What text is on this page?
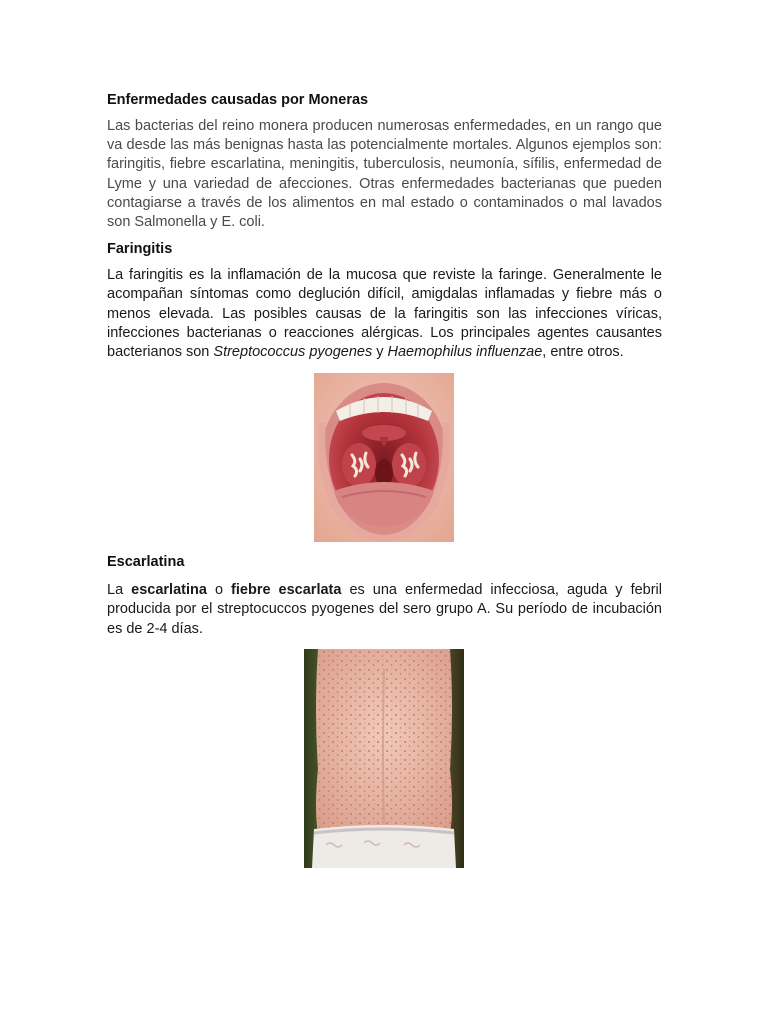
Enfermedades causadas por Moneras

Las bacterias del reino monera producen numerosas enfermedades, en un rango que va desde las más benignas hasta las potencialmente mortales. Algunos ejemplos son: faringitis, fiebre escarlatina, meningitis, tuberculosis, neumonía, sífilis, enfermedad de Lyme y una variedad de afecciones. Otras enfermedades bacterianas que pueden contagiarse a través de los alimentos en mal estado o contaminados o mal lavados son Salmonella y E. coli.

Faringitis

La faringitis es la inflamación de la mucosa que reviste la faringe. Generalmente le acompañan síntomas como deglución difícil, amigdalas inflamadas y fiebre más o menos elevada. Las posibles causas de la faringitis son las infecciones víricas, infecciones bacterianas o reacciones alérgicas. Los principales agentes causantes bacterianos son Streptococcus pyogenes y Haemophilus influenzae, entre otros.

Escarlatina

La escarlatina o fiebre escarlata es una enfermedad infecciosa, aguda y febril producida por el streptocuccos pyogenes del sero grupo A. Su período de incubación es de 2-4 días.
